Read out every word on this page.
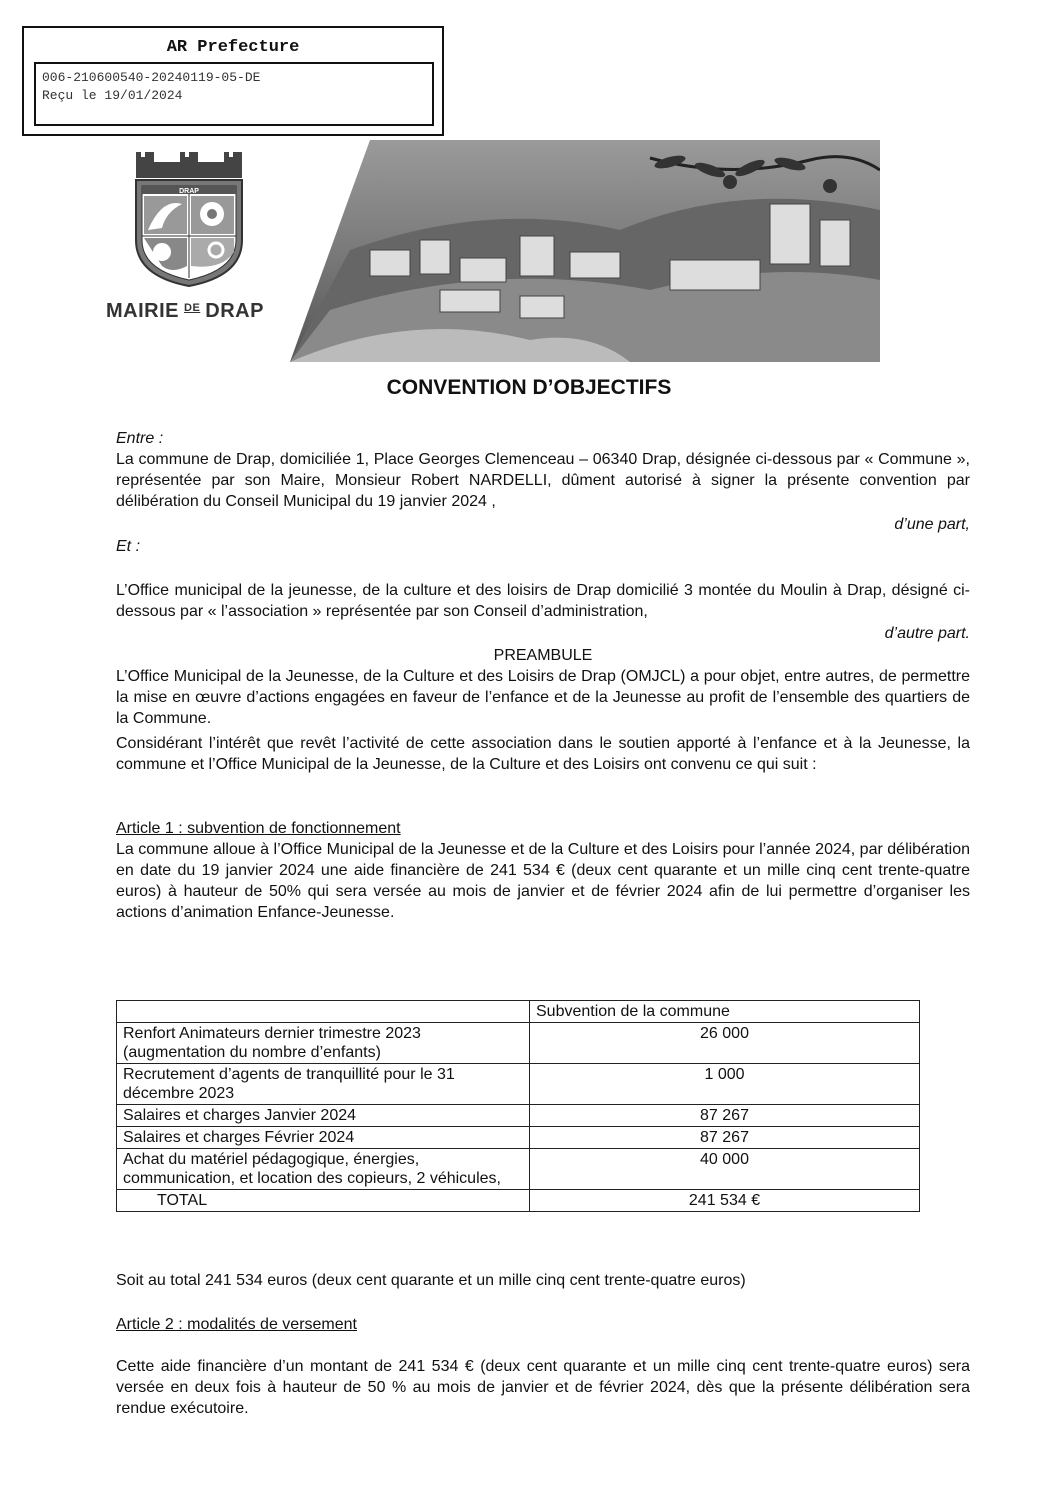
AR Prefecture
006-210600540-20240119-05-DE
Reçu le 19/01/2024
DRAP
MAIRIE $^{DE}$ DRAP
CONVENTION D’OBJECTIFS
Entre :
La commune de Drap, domiciliée 1, Place Georges Clemenceau – 06340 Drap, désignée ci-dessous par « Commune », représentée par son Maire, Monsieur Robert NARDELLI, dûment autorisé à signer la présente convention par délibération du Conseil Municipal du 19 janvier 2024 ,
d’une part,
Et :
L’Office municipal de la jeunesse, de la culture et des loisirs de Drap domicilié 3 montée du Moulin à Drap, désigné ci-dessous par « l’association » représentée par son Conseil d’administration,
d’autre part.
PREAMBULE
L’Office Municipal de la Jeunesse, de la Culture et des Loisirs de Drap (OMJCL) a pour objet, entre autres, de permettre la mise en œuvre d’actions engagées en faveur de l’enfance et de la Jeunesse au profit de l’ensemble des quartiers de la Commune.
Considérant l’intérêt que revêt l’activité de cette association dans le soutien apporté à l’enfance et à la Jeunesse, la commune et l’Office Municipal de la Jeunesse, de la Culture et des Loisirs ont convenu ce qui suit :
Article 1 : subvention de fonctionnement
La commune alloue à l’Office Municipal de la Jeunesse et de la Culture et des Loisirs pour l’année 2024, par délibération en date du 19 janvier 2024 une aide financière de 241 534 € (deux cent quarante et un mille cinq cent trente-quatre euros) à hauteur de 50% qui sera versée au mois de janvier et de février 2024 afin de lui permettre d’organiser les actions d’animation Enfance-Jeunesse.
	Subvention de la commune
Renfort Animateurs dernier trimestre 2023 (augmentation du nombre d’enfants)	26 000
Recrutement d’agents de tranquillité pour le 31 décembre 2023	1 000
Salaires et charges Janvier 2024	87 267
Salaires et charges Février 2024	87 267
Achat du matériel pédagogique, énergies, communication, et location des copieurs, 2 véhicules,	40 000
TOTAL	241 534 €
Soit au total 241 534 euros (deux cent quarante et un mille cinq cent trente-quatre euros)
Article 2 : modalités de versement
Cette aide financière d’un montant de 241 534 € (deux cent quarante et un mille cinq cent trente-quatre euros) sera versée en deux fois à hauteur de 50 % au mois de janvier et de février 2024, dès que la présente délibération sera rendue exécutoire.
